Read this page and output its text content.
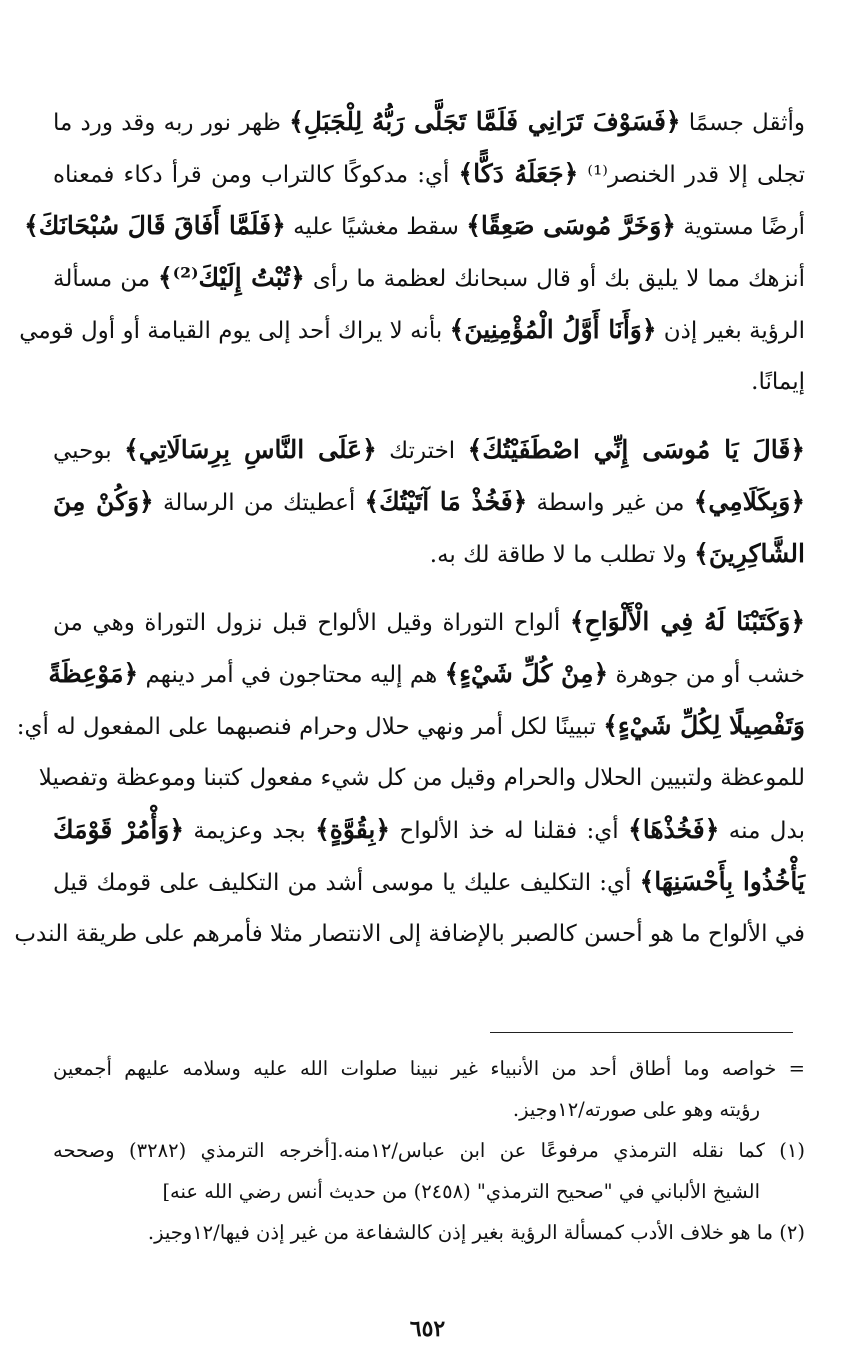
وأثقل جسمًا ﴿فَسَوْفَ تَرَانِي فَلَمَّا تَجَلَّى رَبُّهُ لِلْجَبَلِ﴾ ظهر نور ربه وقد ورد ما
تجلى إلا قدر الخنصر⁽¹⁾ ﴿جَعَلَهُ دَكًّا﴾ أي: مدكوكًا كالتراب ومن قرأ دكاء فمعناه
أرضًا مستوية ﴿وَخَرَّ مُوسَى صَعِقًا﴾ سقط مغشيًا عليه ﴿فَلَمَّا أَفَاقَ قَالَ سُبْحَانَكَ﴾
أنزهك مما لا يليق بك أو قال سبحانك لعظمة ما رأى ﴿تُبْتُ إِلَيْكَ⁽²⁾﴾ من مسألة
الرؤية بغير إذن ﴿وَأَنَا أَوَّلُ الْمُؤْمِنِينَ﴾ بأنه لا يراك أحد إلى يوم القيامة أو أول قومي
إيمانًا.

﴿قَالَ يَا مُوسَى إِنِّي اصْطَفَيْتُكَ﴾ اخترتك ﴿عَلَى النَّاسِ بِرِسَالَاتِي﴾ بوحيي
﴿وَبِكَلَامِي﴾ من غير واسطة ﴿فَخُذْ مَا آتَيْتُكَ﴾ أعطيتك من الرسالة ﴿وَكُنْ مِنَ
الشَّاكِرِينَ﴾ ولا تطلب ما لا طاقة لك به.

﴿وَكَتَبْنَا لَهُ فِي الْأَلْوَاحِ﴾ ألواح التوراة وقيل الألواح قبل نزول التوراة وهي من
خشب أو من جوهرة ﴿مِنْ كُلِّ شَيْءٍ﴾ هم إليه محتاجون في أمر دينهم ﴿مَوْعِظَةً
وَتَفْصِيلًا لِكُلِّ شَيْءٍ﴾ تبيينًا لكل أمر ونهي حلال وحرام فنصبهما على المفعول له أي:
للموعظة ولتبيين الحلال والحرام وقيل من كل شيء مفعول كتبنا وموعظة وتفصيلا
بدل منه ﴿فَخُذْهَا﴾ أي: فقلنا له خذ الألواح ﴿بِقُوَّةٍ﴾ بجد وعزيمة ﴿وَأْمُرْ قَوْمَكَ
يَأْخُذُوا بِأَحْسَنِهَا﴾ أي: التكليف عليك يا موسى أشد من التكليف على قومك قيل
في الألواح ما هو أحسن كالصبر بالإضافة إلى الانتصار مثلا فأمرهم على طريقة الندب

= خواصه وما أطاق أحد من الأنبياء غير نبينا صلوات الله عليه وسلامه عليهم أجمعين
رؤيته وهو على صورته/١٢وجيز.
(١) كما نقله الترمذي مرفوعًا عن ابن عباس/١٢منه.[أخرجه الترمذي (٣٢٨٢) وصححه
الشيخ الألباني في "صحيح الترمذي" (٢٤٥٨) من حديث أنس رضي الله عنه]
(٢) ما هو خلاف الأدب كمسألة الرؤية بغير إذن كالشفاعة من غير إذن فيها/١٢وجيز.
٦٥٢
